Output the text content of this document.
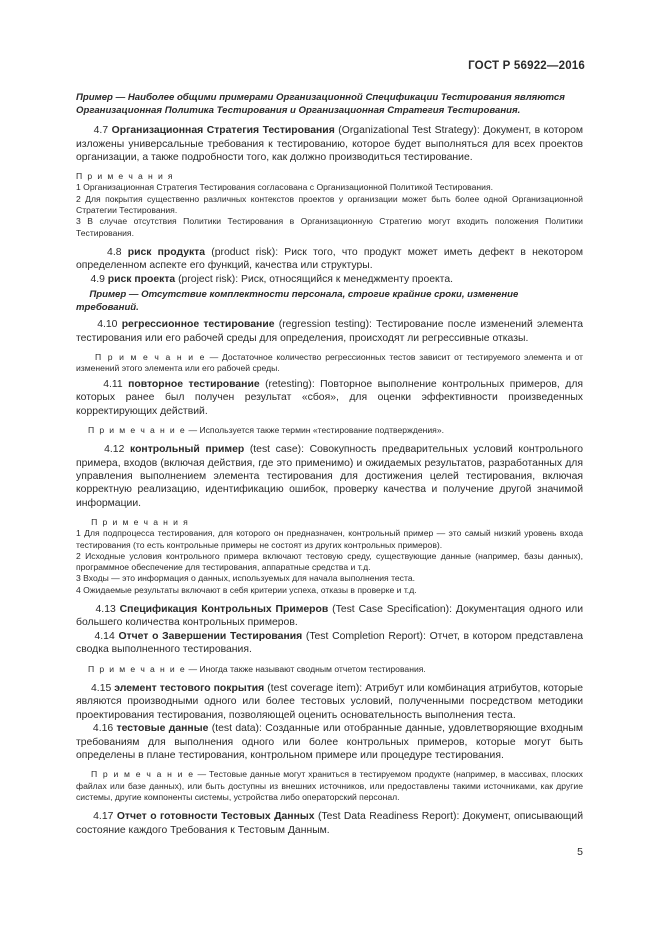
ГОСТ Р 56922—2016

Пример — Наиболее общими примерами Организационной Спецификации Тестирования являются Организационная Политика Тестирования и Организационная Стратегия Тестирования.

4.7 Организационная Стратегия Тестирования (Organizational Test Strategy): Документ, в котором изложены универсальные требования к тестированию, которое будет выполняться для всех проектов организации, а также подробности того, как должно производиться тестирование.

П р и м е ч а н и я

1 Организационная Стратегия Тестирования согласована с Организационной Политикой Тестирования.

2 Для покрытия существенно различных контекстов проектов у организации может быть более одной Организационной Стратегии Тестирования.

3 В случае отсутствия Политики Тестирования в Организационную Стратегию могут входить положения Политики Тестирования.

4.8 риск продукта (product risk): Риск того, что продукт может иметь дефект в некотором определенном аспекте его функций, качества или структуры.

4.9 риск проекта (project risk): Риск, относящийся к менеджменту проекта.

Пример — Отсутствие комплектности персонала, строгие крайние сроки, изменение требований.

4.10 регрессионное тестирование (regression testing): Тестирование после изменений элемента тестирования или его рабочей среды для определения, происходят ли регрессивные отказы.

П р и м е ч а н и е — Достаточное количество регрессионных тестов зависит от тестируемого элемента и от изменений этого элемента или его рабочей среды.

4.11 повторное тестирование (retesting): Повторное выполнение контрольных примеров, для которых ранее был получен результат «сбоя», для оценки эффективности произведенных корректирующих действий.

П р и м е ч а н и е — Используется также термин «тестирование подтверждения».

4.12 контрольный пример (test case): Совокупность предварительных условий контрольного примера, входов (включая действия, где это применимо) и ожидаемых результатов, разработанных для управления выполнением элемента тестирования для достижения целей тестирования, включая корректную реализацию, идентификацию ошибок, проверку качества и получение другой значимой информации.

П р и м е ч а н и я

1 Для подпроцесса тестирования, для которого он предназначен, контрольный пример — это самый низкий уровень входа тестирования (то есть контрольные примеры не состоят из других контрольных примеров).

2 Исходные условия контрольного примера включают тестовую среду, существующие данные (например, базы данных), программное обеспечение для тестирования, аппаратные средства и т.д.

3 Входы — это информация о данных, используемых для начала выполнения теста.

4 Ожидаемые результаты включают в себя критерии успеха, отказы в проверке и т.д.

4.13 Спецификация Контрольных Примеров (Test Case Specification): Документация одного или большего количества контрольных примеров.

4.14 Отчет о Завершении Тестирования (Test Completion Report): Отчет, в котором представлена сводка выполненного тестирования.

П р и м е ч а н и е — Иногда также называют сводным отчетом тестирования.

4.15 элемент тестового покрытия (test coverage item): Атрибут или комбинация атрибутов, которые являются производными одного или более тестовых условий, полученными посредством методики проектирования тестирования, позволяющей оценить основательность выполнения теста.

4.16 тестовые данные (test data): Созданные или отобранные данные, удовлетворяющие входным требованиям для выполнения одного или более контрольных примеров, которые могут быть определены в плане тестирования, контрольном примере или процедуре тестирования.

П р и м е ч а н и е — Тестовые данные могут храниться в тестируемом продукте (например, в массивах, плоских файлах или базе данных), или быть доступны из внешних источников, или предоставлены такими источниками, как другие системы, другие компоненты системы, устройства либо операторский персонал.

4.17 Отчет о готовности Тестовых Данных (Test Data Readiness Report): Документ, описывающий состояние каждого Требования к Тестовым Данным.

5
